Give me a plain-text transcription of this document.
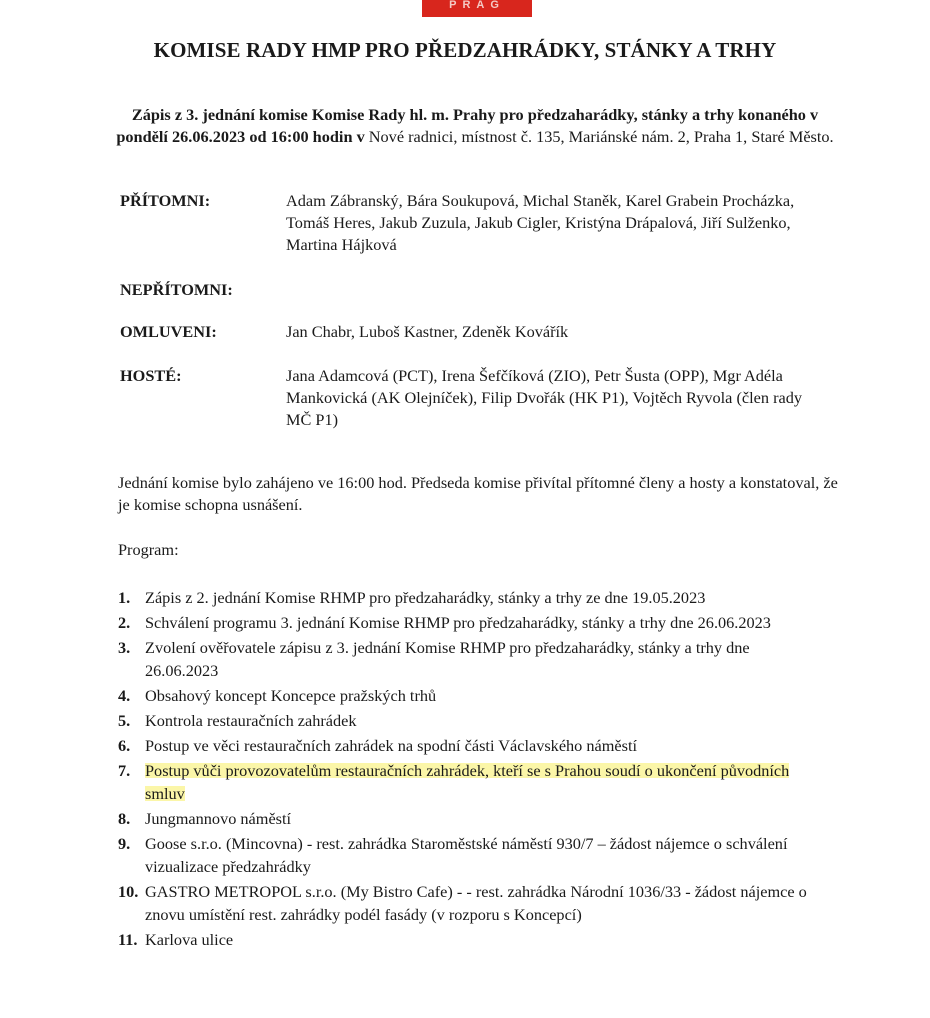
PRAG
KOMISE RADY HMP PRO PŘEDZAHRÁDKY, STÁNKY A TRHY
Zápis z 3. jednání komise Komise Rady hl. m. Prahy pro předzaharádky, stánky a trhy konaného v pondělí 26.06.2023 od 16:00 hodin v Nové radnici, místnost č. 135, Mariánské nám. 2, Praha 1, Staré Město.
PŘÍTOMNI:	Adam Zábranský, Bára Soukupová, Michal Staněk, Karel Grabein Procházka, Tomáš Heres, Jakub Zuzula, Jakub Cigler, Kristýna Drápalová, Jiří Sulženko, Martina Hájková
NEPŘÍTOMNI:
OMLUVENI:	Jan Chabr, Luboš Kastner, Zdeněk Kovářík
HOSTÉ:	Jana Adamcová (PCT), Irena Šefčíková (ZIO), Petr Šusta (OPP), Mgr Adéla Mankovická (AK Olejníček), Filip Dvořák (HK P1), Vojtěch Ryvola (člen rady MČ P1)
Jednání komise bylo zahájeno ve 16:00 hod. Předseda komise přivítal přítomné členy a hosty a konstatoval, že je komise schopna usnášení.
Program:
1. Zápis z 2. jednání Komise RHMP pro předzaharádky, stánky a trhy ze dne 19.05.2023
2. Schválení programu 3. jednání Komise RHMP pro předzaharádky, stánky a trhy dne 26.06.2023
3. Zvolení ověřovatele zápisu z 3. jednání Komise RHMP pro předzaharádky, stánky a trhy dne 26.06.2023
4. Obsahový koncept Koncepce pražských trhů
5. Kontrola restauračních zahrádek
6. Postup ve věci restauračních zahrádek na spodní části Václavského náměstí
7. Postup vůči provozovatelům restauračních zahrádek, kteří se s Prahou soudí o ukončení původních smluv
8. Jungmannovo náměstí
9. Goose s.r.o. (Mincovna) - rest. zahrádka Staroměstské náměstí 930/7 – žádost nájemce o schválení vizualizace předzahrádky
10. GASTRO METROPOL s.r.o. (My Bistro Cafe) - - rest. zahrádka Národní 1036/33 - žádost nájemce o znovu umístění rest. zahrádky podél fasády (v rozporu s Koncepcí)
11. Karlova ulice
